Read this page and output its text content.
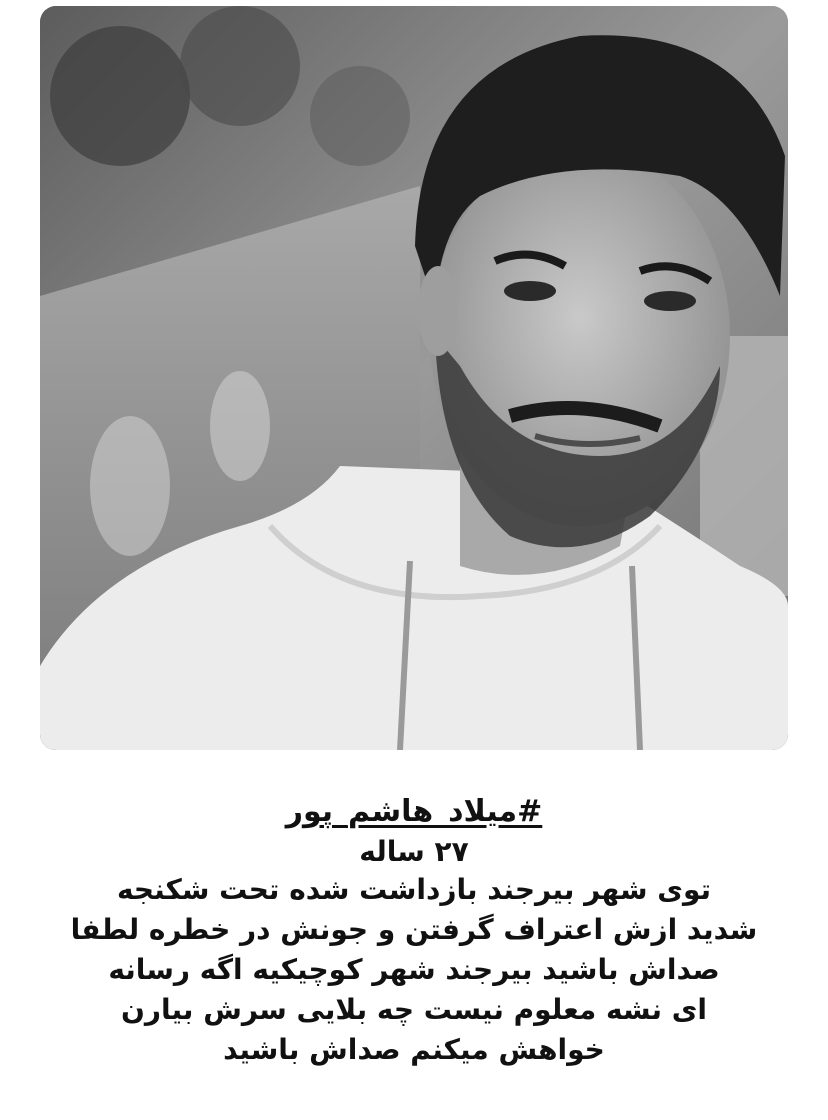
#میلاد_هاشم_پور

۲۷ ساله

توی شهر بیرجند بازداشت شده تحت شکنجه
شدید ازش اعتراف گرفتن و جونش در خطره لطفا
صداش باشید بیرجند شهر کوچیکیه اگه رسانه
ای نشه معلوم نیست چه بلایی سرش بیارن
خواهش میکنم صداش باشید
